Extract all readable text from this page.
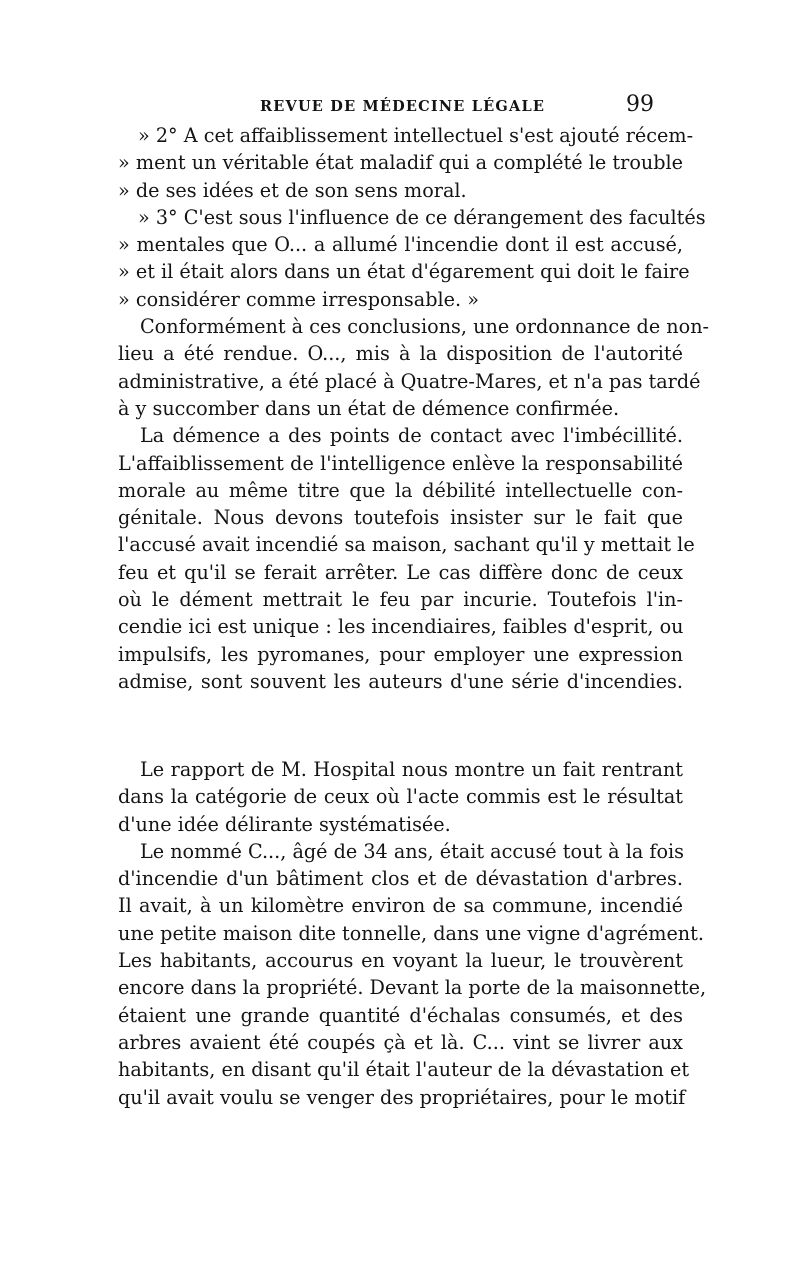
REVUE DE MÉDECINE LÉGALE	99
» 2° A cet affaiblissement intellectuel s'est ajouté récem-
» ment un véritable état maladif qui a complété le trouble
» de ses idées et de son sens moral.
» 3° C'est sous l'influence de ce dérangement des facultés
» mentales que O... a allumé l'incendie dont il est accusé,
» et il était alors dans un état d'égarement qui doit le faire
» considérer comme irresponsable. »
Conformément à ces conclusions, une ordonnance de non-
lieu a été rendue. O..., mis à la disposition de l'autorité
administrative, a été placé à Quatre-Mares, et n'a pas tardé
à y succomber dans un état de démence confirmée.
La démence a des points de contact avec l'imbécillité.
L'affaiblissement de l'intelligence enlève la responsabilité
morale au même titre que la débilité intellectuelle con-
génitale. Nous devons toutefois insister sur le fait que
l'accusé avait incendié sa maison, sachant qu'il y mettait le
feu et qu'il se ferait arrêter. Le cas diffère donc de ceux
où le dément mettrait le feu par incurie. Toutefois l'in-
cendie ici est unique : les incendiaires, faibles d'esprit, ou
impulsifs, les pyromanes, pour employer une expression
admise, sont souvent les auteurs d'une série d'incendies.
Le rapport de M. Hospital nous montre un fait rentrant
dans la catégorie de ceux où l'acte commis est le résultat
d'une idée délirante systématisée.
Le nommé C..., âgé de 34 ans, était accusé tout à la fois
d'incendie d'un bâtiment clos et de dévastation d'arbres.
Il avait, à un kilomètre environ de sa commune, incendié
une petite maison dite tonnelle, dans une vigne d'agrément.
Les habitants, accourus en voyant la lueur, le trouvèrent
encore dans la propriété. Devant la porte de la maisonnette,
étaient une grande quantité d'échalas consumés, et des
arbres avaient été coupés çà et là. C... vint se livrer aux
habitants, en disant qu'il était l'auteur de la dévastation et
qu'il avait voulu se venger des propriétaires, pour le motif
